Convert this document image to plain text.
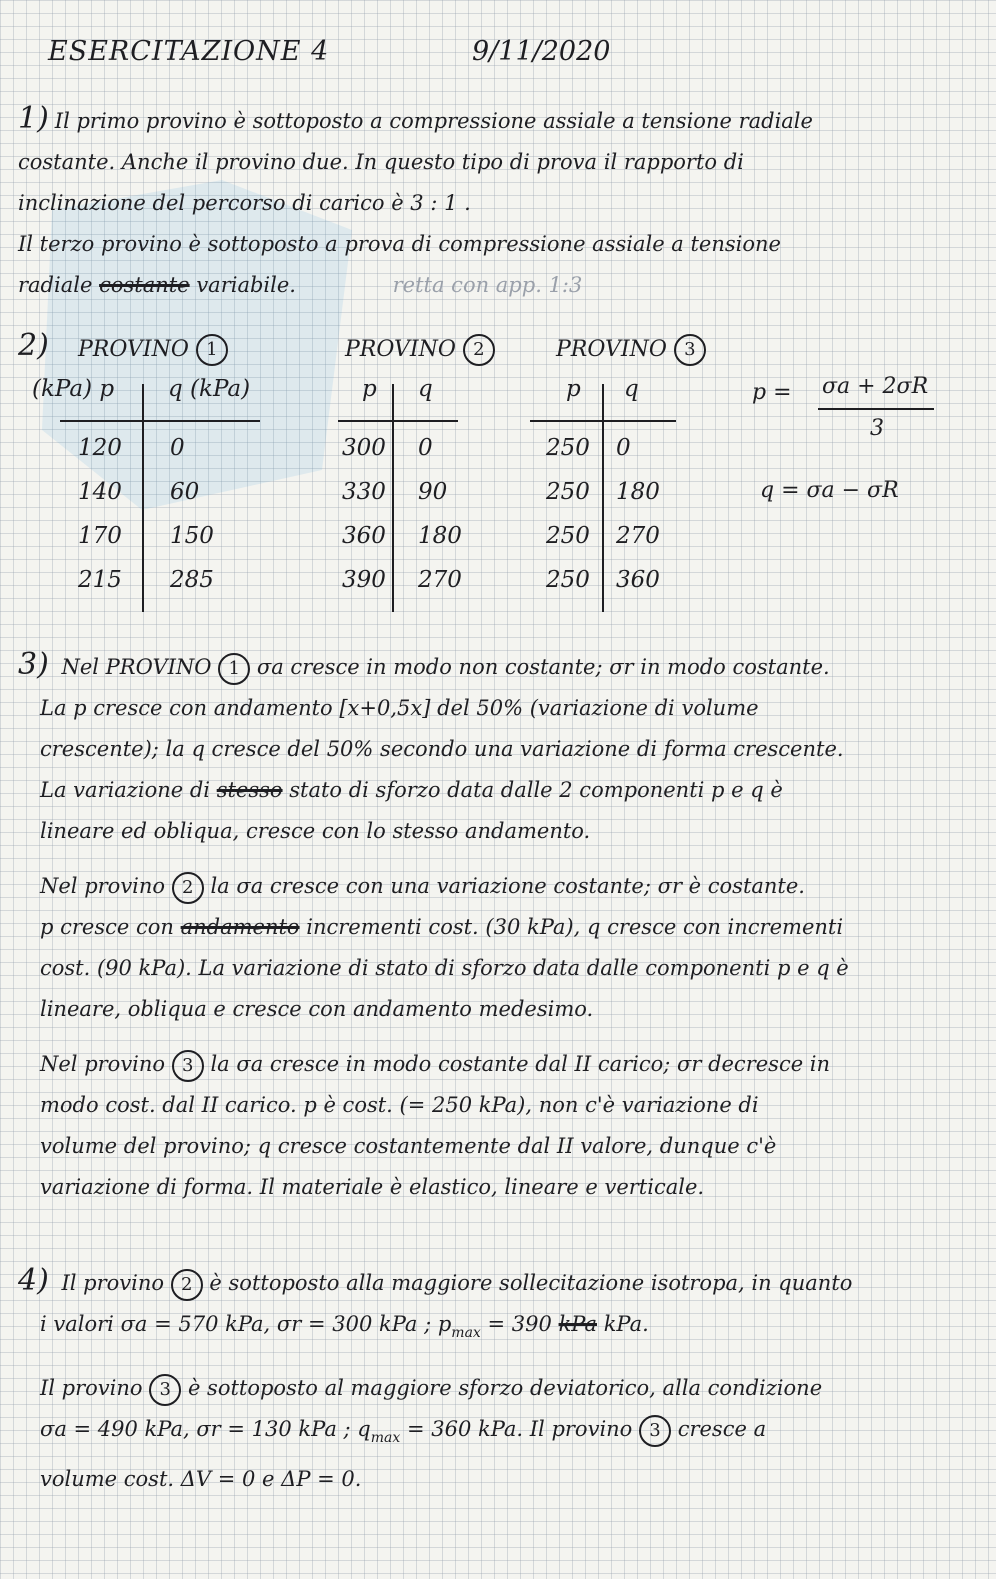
ESERCITAZIONE 4	9/11/2020

1) Il primo provino è sottoposto a compressione assiale a tensione radiale

costante. Anche il provino due. In questo tipo di prova il rapporto di

inclinazione del percorso di carico è 3 : 1 .

Il terzo provino è sottoposto a prova di compressione assiale a tensione

radiale costante variabile.	retta con app. 1:3

2) PROVINO 1	PROVINO 2	PROVINO 3
(kPa) p q (kPa)
120 0
140 60
170 150
215 285
p q
300 0
330 90
360 180
390 270
p q
250 0
250 180
250 270
250 360
p = σa + 2σR
3
q = σa − σR

3) Nel PROVINO 1 σa cresce in modo non costante; σr in modo costante.

La p cresce con andamento [x+0,5x] del 50% (variazione di volume

crescente); la q cresce del 50% secondo una variazione di forma crescente.

La variazione di stesso stato di sforzo data dalle 2 componenti p e q è

lineare ed obliqua, cresce con lo stesso andamento.

Nel provino 2 la σa cresce con una variazione costante; σr è costante.

p cresce con andamento incrementi cost. (30 kPa), q cresce con incrementi

cost. (90 kPa). La variazione di stato di sforzo data dalle componenti p e q è

lineare, obliqua e cresce con andamento medesimo.

Nel provino 3 la σa cresce in modo costante dal II carico; σr decresce in

modo cost. dal II carico. p è cost. (= 250 kPa), non c'è variazione di

volume del provino; q cresce costantemente dal II valore, dunque c'è

variazione di forma. Il materiale è elastico, lineare e verticale.

4) Il provino 2 è sottoposto alla maggiore sollecitazione isotropa, in quanto

i valori σa = 570 kPa, σr = 300 kPa ; $p_{max} = 390$ kPa kPa.

Il provino 3 è sottoposto al maggiore sforzo deviatorico, alla condizione

σa = 490 kPa, σr = 130 kPa ; $q_{max} = 360$ kPa. Il provino 3 cresce a

volume cost. ΔV = 0 e ΔP = 0.
